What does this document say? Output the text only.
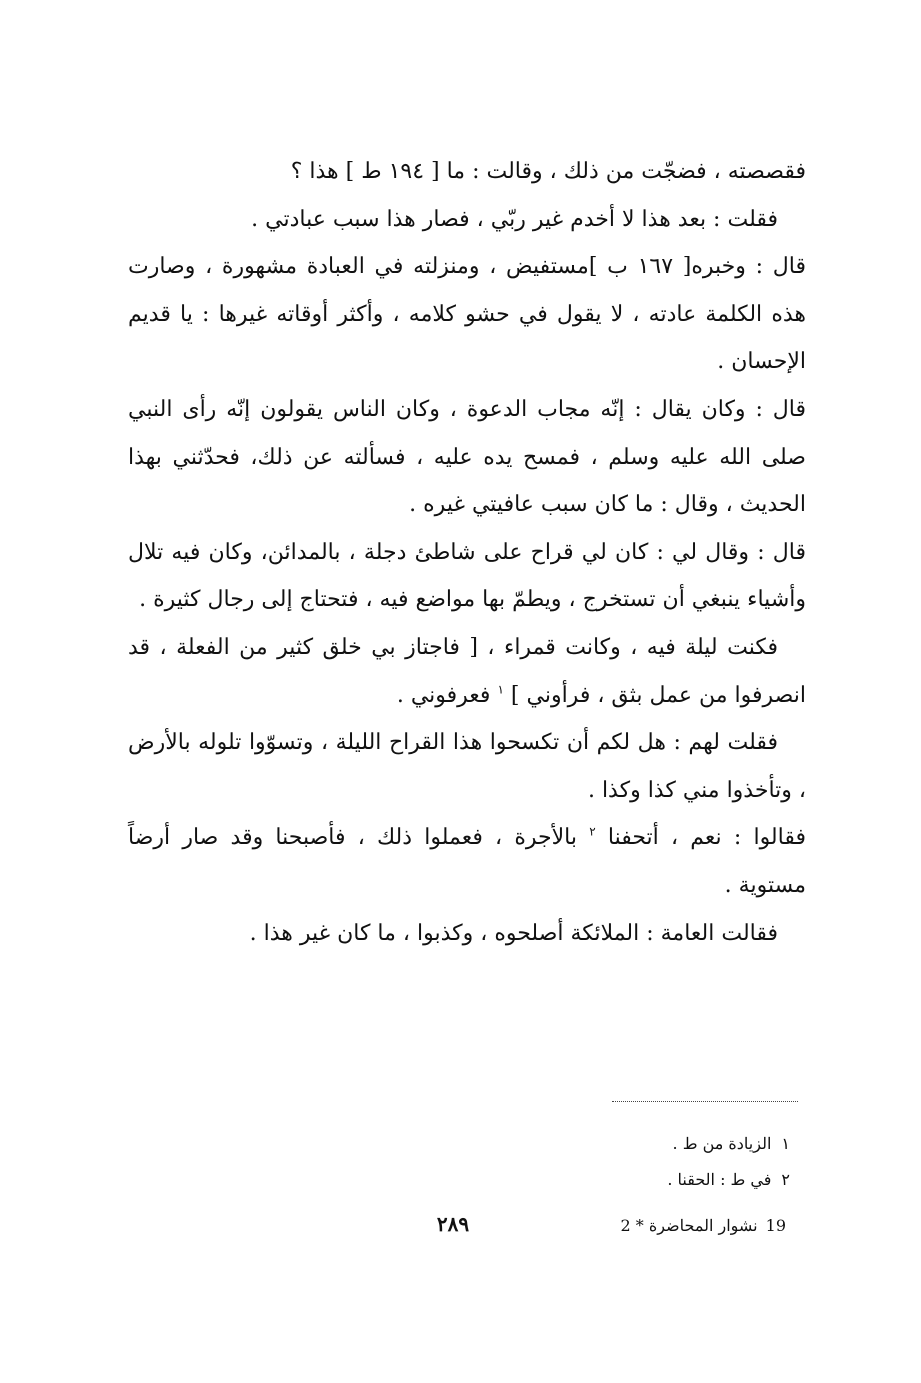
فقصصته ، فضجّت من ذلك ، وقالت : ما [ ١٩٤ ط ] هذا ؟

فقلت : بعد هذا لا أخدم غير ربّي ، فصار هذا سبب عبادتي .

قال : وخبره[ ١٦٧ ب ]مستفيض ، ومنزلته في العبادة مشهورة ، وصارت هذه الكلمة عادته ، لا يقول في حشو كلامه ، وأكثر أوقاته غيرها : يا قديم الإحسان .

قال : وكان يقال : إنّه مجاب الدعوة ، وكان الناس يقولون إنّه رأى النبي صلى الله عليه وسلم ، فمسح يده عليه ، فسألته عن ذلك، فحدّثني بهذا الحديث ، وقال : ما كان سبب عافيتي غيره .

قال : وقال لي : كان لي قراح على شاطئ دجلة ، بالمدائن، وكان فيه تلال وأشياء ينبغي أن تستخرج ، ويطمّ بها مواضع فيه ، فتحتاج إلى رجال كثيرة .

فكنت ليلة فيه ، وكانت قمراء ، [ فاجتاز بي خلق كثير من الفعلة ، قد انصرفوا من عمل بثق ، فرأوني ] $^١$ فعرفوني .

فقلت لهم : هل لكم أن تكسحوا هذا القراح الليلة ، وتسوّوا تلوله بالأرض ، وتأخذوا مني كذا وكذا .

فقالوا : نعم ، أتحفنا $^٢$ بالأجرة ، فعملوا ذلك ، فأصبحنا وقد صار أرضاً مستوية .

فقالت العامة : الملائكة أصلحوه ، وكذبوا ، ما كان غير هذا .

١الزيادة من ط .

٢في ط : الحقنا .

٢٨٩	19نشوار المحاضرة * 2
